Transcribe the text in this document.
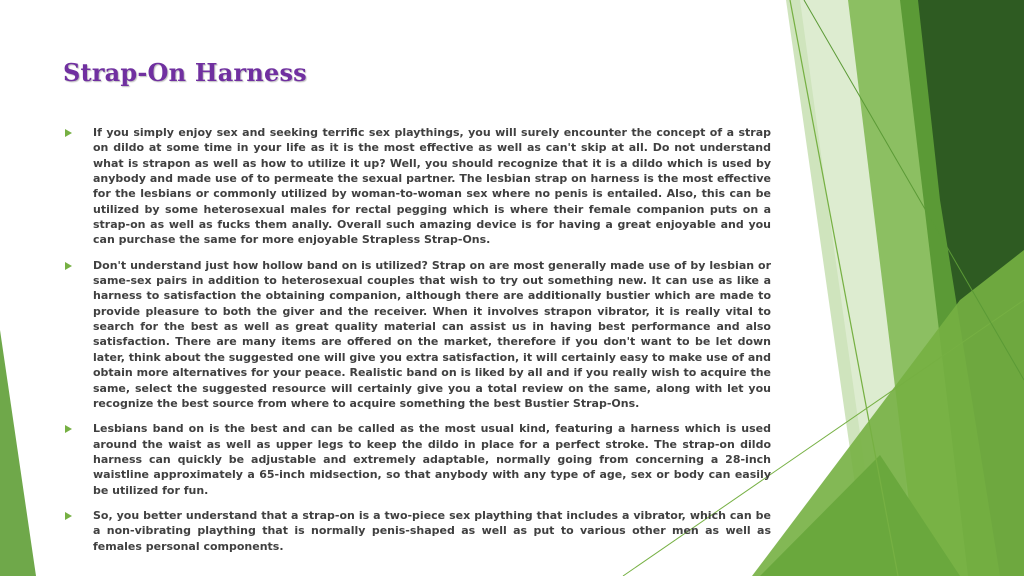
Strap-On Harness

If you simply enjoy sex and seeking terrific sex playthings, you will surely encounter the concept of a strap on dildo at some time in your life as it is the most effective as well as can't skip at all. Do not understand what is strapon as well as how to utilize it up? Well, you should recognize that it is a dildo which is used by anybody and made use of to permeate the sexual partner. The lesbian strap on harness is the most effective for the lesbians or commonly utilized by woman-to-woman sex where no penis is entailed. Also, this can be utilized by some heterosexual males for rectal pegging which is where their female companion puts on a strap-on as well as fucks them anally. Overall such amazing device is for having a great enjoyable and you can purchase the same for more enjoyable Strapless Strap-Ons.

Don't understand just how hollow band on is utilized? Strap on are most generally made use of by lesbian or same-sex pairs in addition to heterosexual couples that wish to try out something new. It can use as like a harness to satisfaction the obtaining companion, although there are additionally bustier which are made to provide pleasure to both the giver and the receiver. When it involves strapon vibrator, it is really vital to search for the best as well as great quality material can assist us in having best performance and also satisfaction. There are many items are offered on the market, therefore if you don't want to be let down later, think about the suggested one will give you extra satisfaction, it will certainly easy to make use of and obtain more alternatives for your peace. Realistic band on is liked by all and if you really wish to acquire the same, select the suggested resource will certainly give you a total review on the same, along with let you recognize the best source from where to acquire something the best Bustier Strap-Ons.

Lesbians band on is the best and can be called as the most usual kind, featuring a harness which is used around the waist as well as upper legs to keep the dildo in place for a perfect stroke. The strap-on dildo harness can quickly be adjustable and extremely adaptable, normally going from concerning a 28-inch waistline approximately a 65-inch midsection, so that anybody with any type of age, sex or body can easily be utilized for fun.

So, you better understand that a strap-on is a two-piece sex plaything that includes a vibrator, which can be a non-vibrating plaything that is normally penis-shaped as well as put to various other men as well as females personal components.
